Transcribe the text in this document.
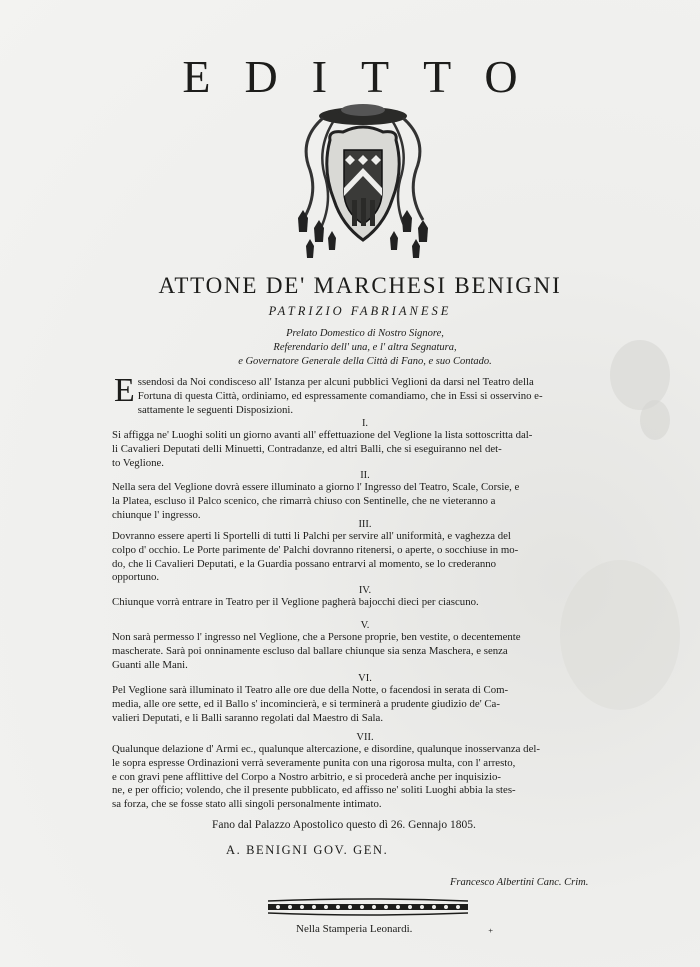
EDITTO
ATTONE DE' MARCHESI BENIGNI
PATRIZIO FABRIANESE
Prelato Domestico di Nostro Signore,
Referendario dell' una, e l' altra Segnatura,
e Governatore Generale della Città di Fano, e suo Contado.
E ssendosi da Noi condisceso all' Istanza per alcuni pubblici Veglioni da darsi nel Teatro della

Fortuna di questa Città, ordiniamo, ed espressamente comandiamo, che in Essi si osservino e-

sattamente le seguenti Disposizioni.

I.

Si affigga ne' Luoghi soliti un giorno avanti all' effettuazione del Veglione la lista sottoscritta dal-

li Cavalieri Deputati delli Minuetti, Contradanze, ed altri Balli, che si eseguiranno nel det-

to Veglione.

II.

Nella sera del Veglione dovrà essere illuminato a giorno l' Ingresso del Teatro, Scale, Corsie, e

la Platea, escluso il Palco scenico, che rimarrà chiuso con Sentinelle, che ne vieteranno a

chiunque l' ingresso.

III.

Dovranno essere aperti li Sportelli di tutti li Palchi per servire all' uniformità, e vaghezza del

colpo d' occhio. Le Porte parimente de' Palchi dovranno ritenersi, o aperte, o socchiuse in mo-

do, che li Cavalieri Deputati, e la Guardia possano entrarvi al momento, se lo crederanno

opportuno.

IV.

Chiunque vorrà entrare in Teatro per il Veglione pagherà bajocchi dieci per ciascuno.

V.

Non sarà permesso l' ingresso nel Veglione, che a Persone proprie, ben vestite, o decentemente

mascherate. Sarà poi onninamente escluso dal ballare chiunque sia senza Maschera, e senza

Guanti alle Mani.

VI.

Pel Veglione sarà illuminato il Teatro alle ore due della Notte, o facendosi in serata di Com-

media, alle ore sette, ed il Ballo s' incomincierà, e si terminerà a prudente giudizio de' Ca-

valieri Deputati, e li Balli saranno regolati dal Maestro di Sala.

VII.

Qualunque delazione d' Armi ec., qualunque altercazione, e disordine, qualunque inosservanza del-

le sopra espresse Ordinazioni verrà severamente punita con una rigorosa multa, con l' arresto,

e con gravi pene afflittive del Corpo a Nostro arbitrio, e si procederà anche per inquisizio-

ne, e per officio; volendo, che il presente pubblicato, ed affisso ne' soliti Luoghi abbia la stes-

sa forza, che se fosse stato alli singoli personalmente intimato.

Fano dal Palazzo Apostolico questo dì 26. Gennajo 1805.
A. BENIGNI GOV. GEN.
Francesco Albertini Canc. Crim.
Nella Stamperia Leonardi.	⁺
